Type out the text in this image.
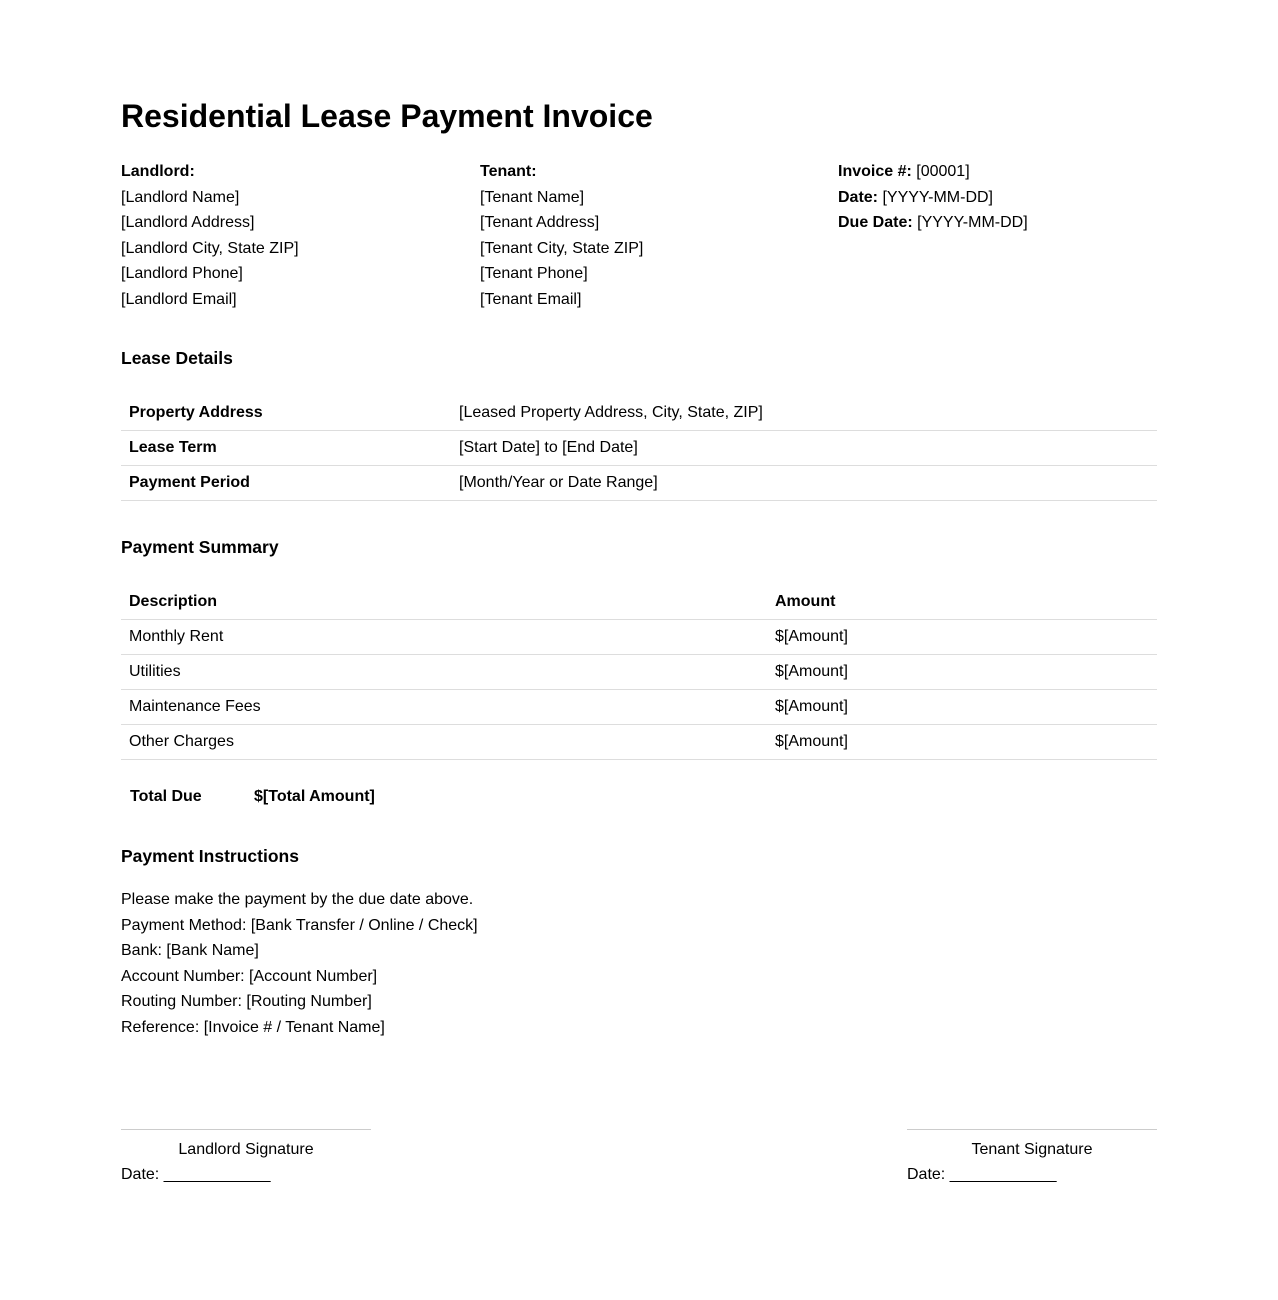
Residential Lease Payment Invoice
Landlord:
[Landlord Name]
[Landlord Address]
[Landlord City, State ZIP]
[Landlord Phone]
[Landlord Email]
Tenant:
[Tenant Name]
[Tenant Address]
[Tenant City, State ZIP]
[Tenant Phone]
[Tenant Email]
Invoice #: [00001]
Date: [YYYY-MM-DD]
Due Date: [YYYY-MM-DD]
Lease Details
Property Address	[Leased Property Address, City, State, ZIP]
Lease Term	[Start Date] to [End Date]
Payment Period	[Month/Year or Date Range]
Payment Summary
Description	Amount
Monthly Rent	$[Amount]
Utilities	$[Amount]
Maintenance Fees	$[Amount]
Other Charges	$[Amount]
Total Due	$[Total Amount]
Payment Instructions
Please make the payment by the due date above.
Payment Method: [Bank Transfer / Online / Check]
Bank: [Bank Name]
Account Number: [Account Number]
Routing Number: [Routing Number]
Reference: [Invoice # / Tenant Name]
Landlord Signature
Date: ____________
Tenant Signature
Date: ____________
